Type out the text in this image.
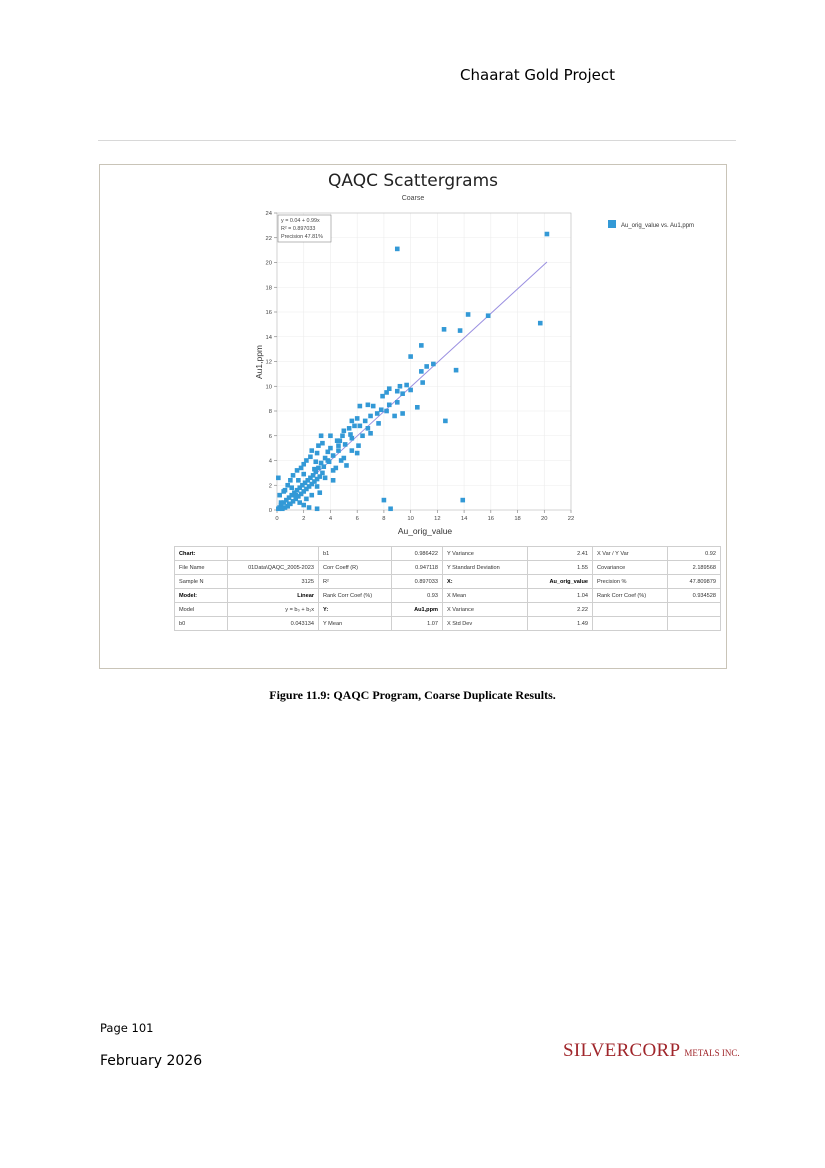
Chaarat Gold Project
QAQC Scattergrams
Coarse
0	2	4	6	8	10	12	14	16	18	20	22
0
2
4
6
8
10
12
14
16
18
20
22
24
y = 0.04 + 0.99x
R² = 0.897033
Precision 47.81%
Au_orig_value vs. Au1,ppm
Au_orig_value
Au1,ppm
Chart:		b1	0.986422	Y Variance	2.41	X Var / Y Var	0.92
File Name	01Data\QAQC_2005-2023	Corr Coeff (R)	0.947118	Y Standard Deviation	1.55	Covariance	2.189568
Sample N	3125	R²	0.897033	X:	Au_orig_value	Precision %	47.809879
Model:	Linear	Rank Corr Coef (%)	0.93	X Mean	1.04	Rank Corr Coef (%)	0.934528
Model	y = b₀ + b₁x	Y:	Au1,ppm	X Variance	2.22		
b0	0.043134	Y Mean	1.07	X Std Dev	1.49		
Figure 11.9: QAQC Program, Coarse Duplicate Results.
Page 101
February 2026	SILVERCORP METALS INC.
